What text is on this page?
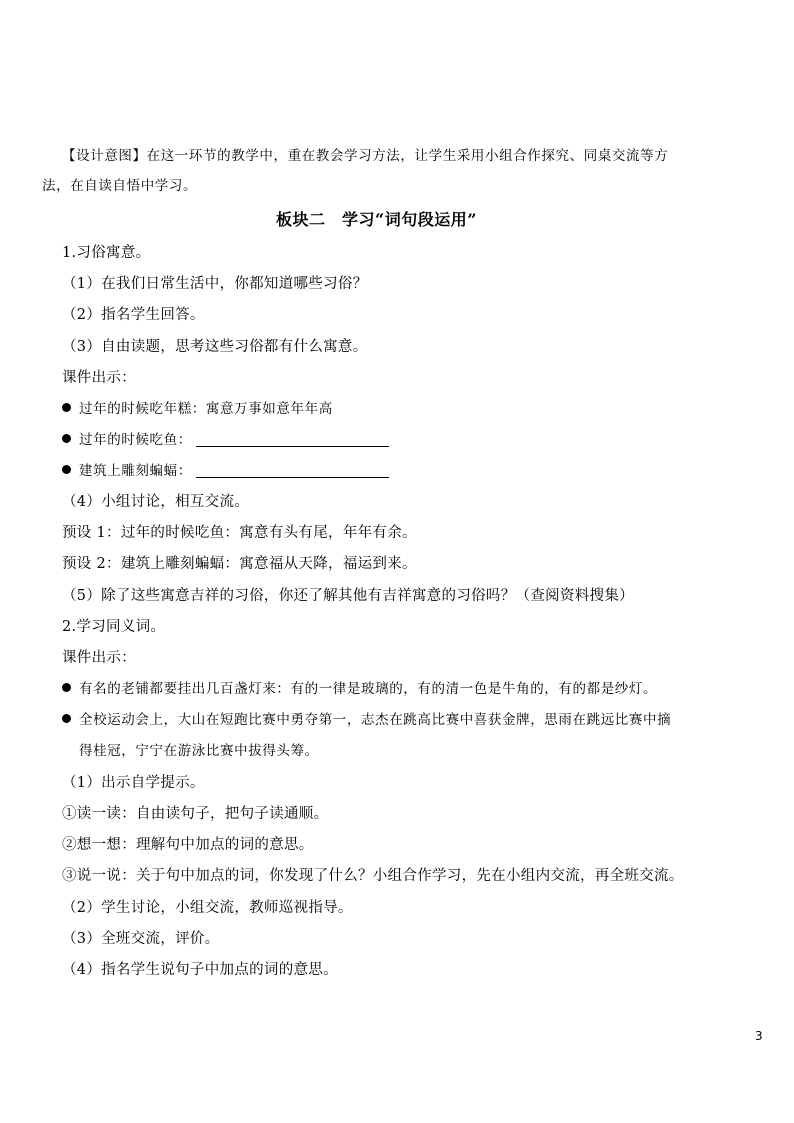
【设计意图】在这一环节的教学中，重在教会学习方法，让学生采用小组合作探究、同桌交流等方
法，在自读自悟中学习。
板块二　学习“词句段运用”
1.习俗寓意。
（1）在我们日常生活中，你都知道哪些习俗？
（2）指名学生回答。
（3）自由读题，思考这些习俗都有什么寓意。
课件出示：
过年的时候吃年糕：寓意万事如意年年高
过年的时候吃鱼：
建筑上雕刻蝙蝠：
（4）小组讨论，相互交流。
预设 1：过年的时候吃鱼：寓意有头有尾，年年有余。
预设 2：建筑上雕刻蝙蝠：寓意福从天降，福运到来。
（5）除了这些寓意吉祥的习俗，你还了解其他有吉祥寓意的习俗吗？（查阅资料搜集）
2.学习同义词。
课件出示：
有名的老铺都要挂出几百盏灯来：有的一律是玻璃的，有的清一色是牛角的，有的都是纱灯。
全校运动会上，大山在短跑比赛中勇夺第一，志杰在跳高比赛中喜获金牌，思雨在跳远比赛中摘
得桂冠，宁宁在游泳比赛中拔得头筹。
（1）出示自学提示。
①读一读：自由读句子，把句子读通顺。
②想一想：理解句中加点的词的意思。
③说一说：关于句中加点的词，你发现了什么？小组合作学习，先在小组内交流，再全班交流。
（2）学生讨论，小组交流，教师巡视指导。
（3）全班交流，评价。
（4）指名学生说句子中加点的词的意思。
3
